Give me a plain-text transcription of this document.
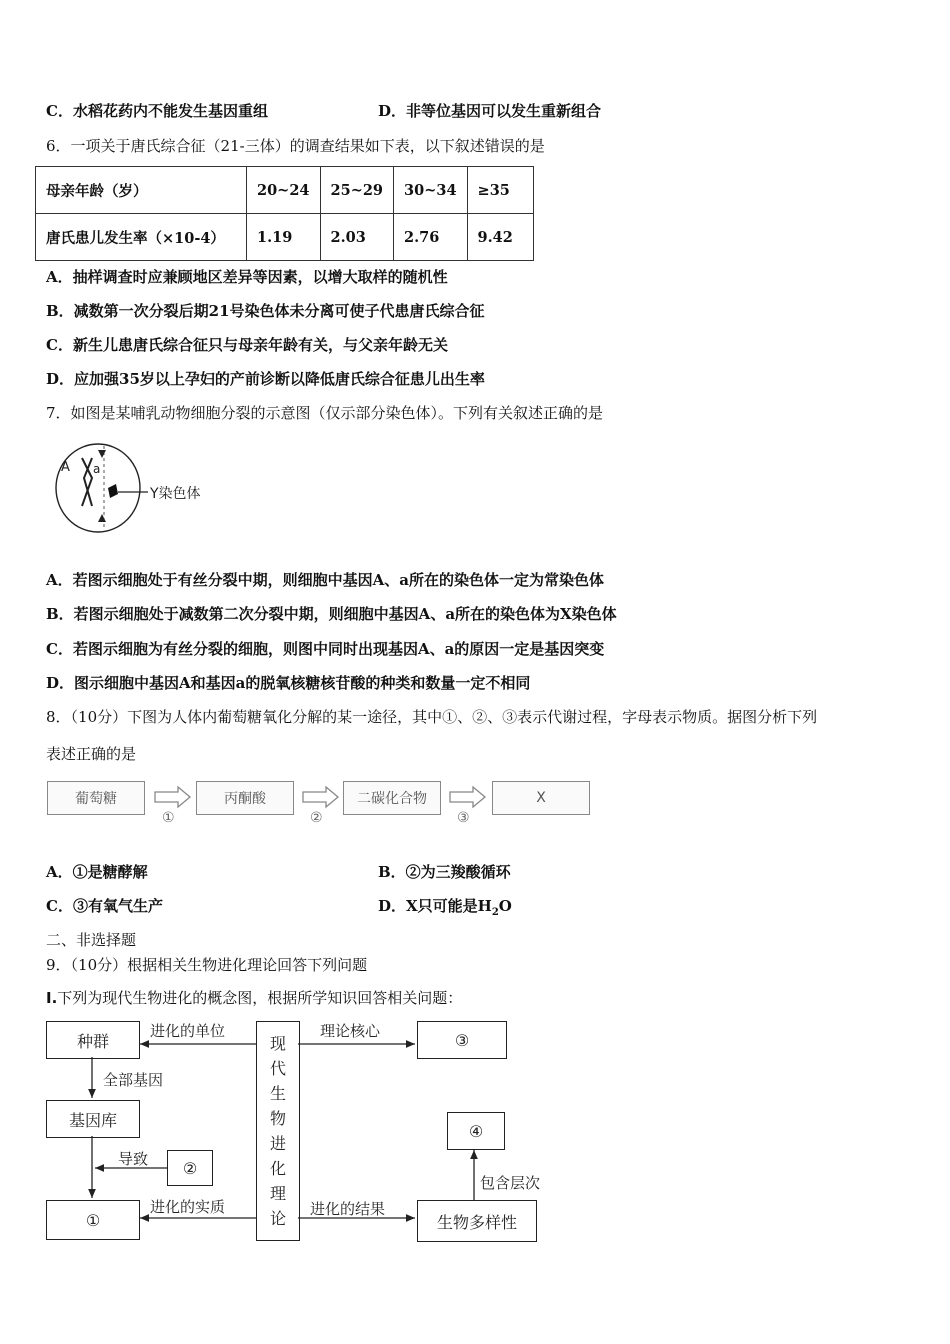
C．水稻花药内不能发生基因重组	D．非等位基因可以发生重新组合
6．一项关于唐氏综合征（21-三体）的调查结果如下表，以下叙述错误的是
母亲年龄（岁）	20~24	25~29	30~34	≥35
唐氏患儿发生率（×10-4）	1.19	2.03	2.76	9.42
A．抽样调查时应兼顾地区差异等因素，以增大取样的随机性
B．减数第一次分裂后期21号染色体未分离可使子代患唐氏综合征
C．新生儿患唐氏综合征只与母亲年龄有关，与父亲年龄无关
D．应加强35岁以上孕妇的产前诊断以降低唐氏综合征患儿出生率
7．如图是某哺乳动物细胞分裂的示意图（仅示部分染色体）。下列有关叙述正确的是
A a
Y染色体
A．若图示细胞处于有丝分裂中期，则细胞中基因A、a所在的染色体一定为常染色体
B．若图示细胞处于减数第二次分裂中期，则细胞中基因A、a所在的染色体为X染色体
C．若图示细胞为有丝分裂的细胞，则图中同时出现基因A、a的原因一定是基因突变
D．图示细胞中基因A和基因a的脱氧核糖核苷酸的种类和数量一定不相同
8．（10分）下图为人体内葡萄糖氧化分解的某一途径，其中①、②、③表示代谢过程，字母表示物质。据图分析下列
表述正确的是
葡萄糖	丙酮酸	二碳化合物	X
①	②	③
A．①是糖酵解	B．②为三羧酸循环
C．③有氧气生产	D．X只可能是$H_2O$
二、非选择题
9．（10分）根据相关生物进化理论回答下列问题
I.下列为现代生物进化的概念图，根据所学知识回答相关问题：
种群
基因库
②
①
现
代
生
物
进
化
理
论
③
④
生物多样性
进化的单位
全部基因
导致
进化的实质
理论核心
进化的结果
包含层次
